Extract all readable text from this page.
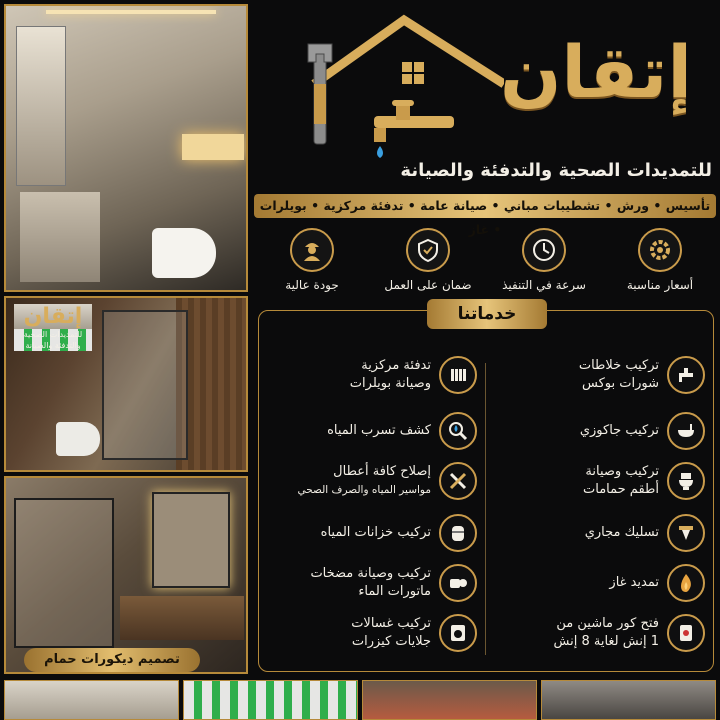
إتقان
للتمديدات الصحية
والتدفئة والصيانة
تصميم ديكورات حمام
إتقان
للتمديدات الصحية والتدفئة والصيانة
تأسيس • ورش • تشطيبات مباني • صيانة عامة • تدفئة مركزية • بويلرات • غاز
أسعار مناسبة
سرعة في التنفيذ
ضمان على العمل
جودة عالية
خدماتنا
تركيب خلاطات
شورات بوكس
تركيب جاكوزي
تركيب وصيانة
أطقم حمامات
تسليك مجاري
تمديد غاز
فتح كور ماشين من
1 إنش لغاية 8 إنش
تدفئة مركزية
وصيانة بويلرات
كشف تسرب المياه
إصلاح كافة أعطال
مواسير المياه والصرف الصحي
تركيب خزانات المياه
تركيب وصيانة مضخات
ماتورات الماء
تركيب غسالات
جلايات كيزرات
